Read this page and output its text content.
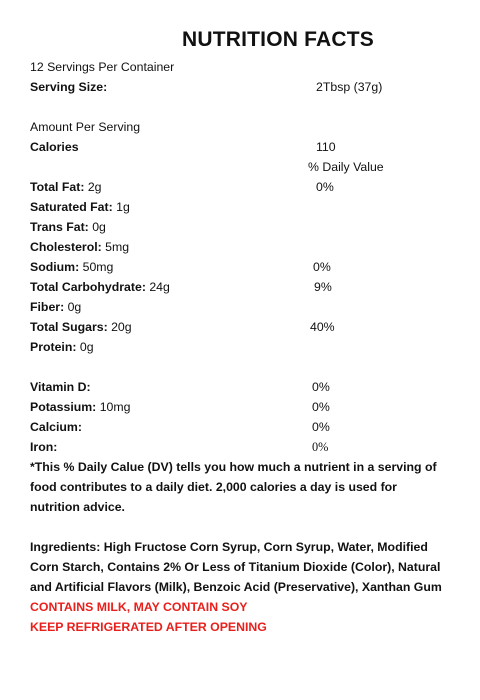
NUTRITION FACTS
12 Servings Per Container
Serving Size:	2Tbsp (37g)
Amount Per Serving
Calories	110
% Daily Value
Total Fat: 2g	0%
Saturated Fat: 1g
Trans Fat: 0g
Cholesterol: 5mg
Sodium: 50mg	0%
Total Carbohydrate: 24g	9%
Fiber: 0g
Total Sugars: 20g	40%
Protein: 0g
Vitamin D:	0%
Potassium: 10mg	0%
Calcium:	0%
Iron:	0%
*This % Daily Calue (DV) tells you how much a nutrient in a serving of food contributes to a daily diet. 2,000 calories a day is used for nutrition advice.
Ingredients: High Fructose Corn Syrup, Corn Syrup, Water, Modified Corn Starch, Contains 2% Or Less of Titanium Dioxide (Color), Natural and Artificial Flavors (Milk), Benzoic Acid (Preservative), Xanthan Gum
CONTAINS MILK, MAY CONTAIN SOY
KEEP REFRIGERATED AFTER OPENING
